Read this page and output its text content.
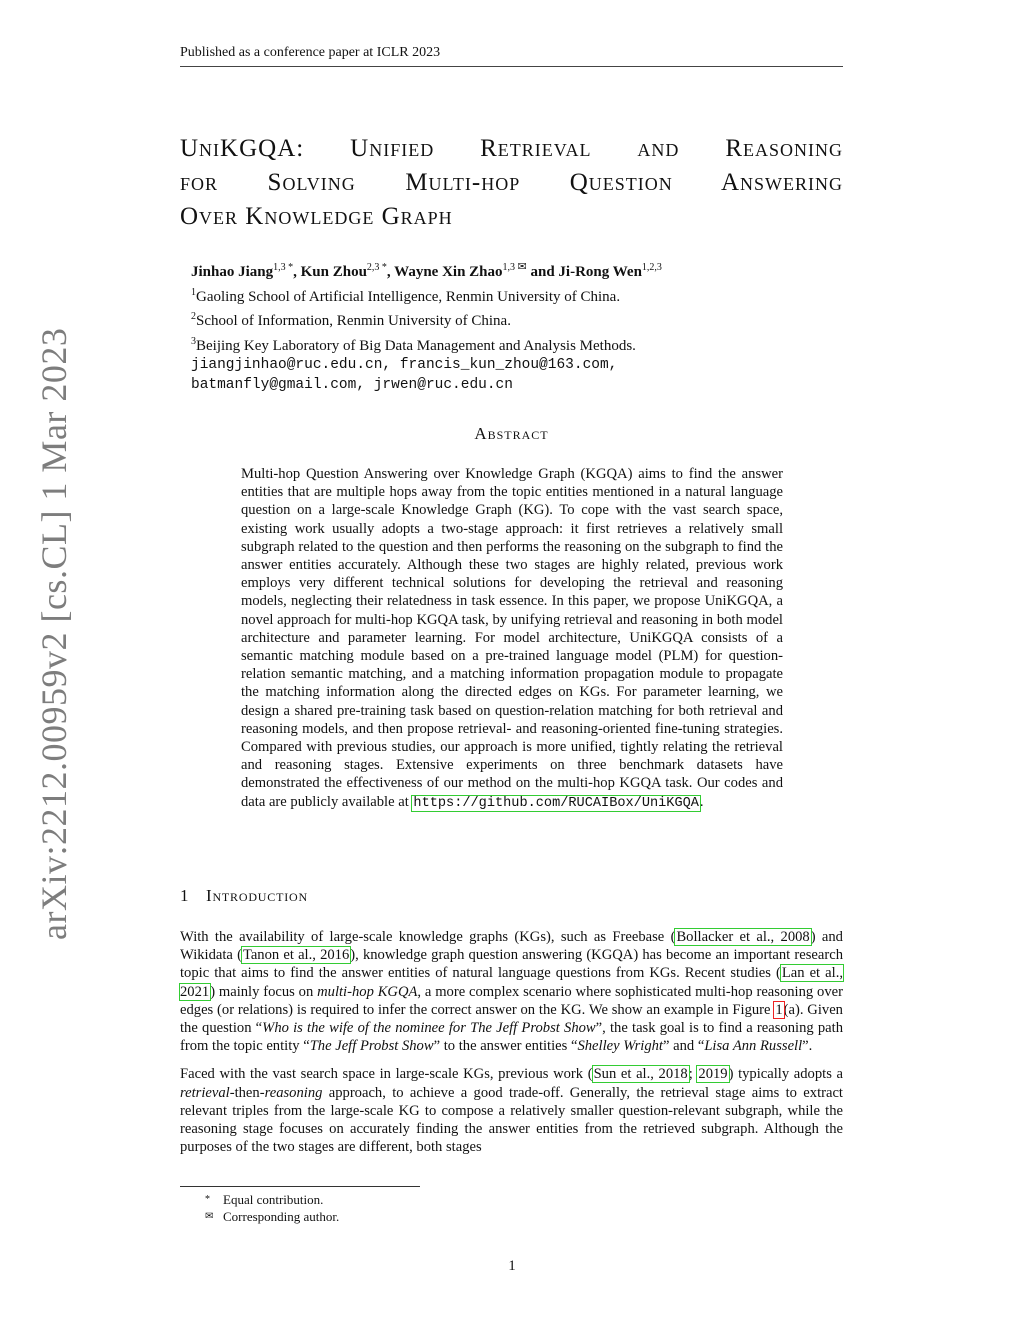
Published as a conference paper at ICLR 2023
arXiv:2212.00959v2 [cs.CL] 1 Mar 2023
UniKGQA: Unified Retrieval and Reasoning
for Solving Multi-hop Question Answering
Over Knowledge Graph
Jinhao Jiang$^{1,3 *}$, Kun Zhou$^{2,3 *}$, Wayne Xin Zhao$^{1,3 ✉}$ and Ji-Rong Wen$^{1,2,3}$
$^1$Gaoling School of Artificial Intelligence, Renmin University of China.
$^2$School of Information, Renmin University of China.
$^3$Beijing Key Laboratory of Big Data Management and Analysis Methods.
jiangjinhao@ruc.edu.cn, francis_kun_zhou@163.com,
batmanfly@gmail.com, jrwen@ruc.edu.cn
Abstract
Multi-hop Question Answering over Knowledge Graph (KGQA) aims to find the answer entities that are multiple hops away from the topic entities mentioned in a natural language question on a large-scale Knowledge Graph (KG). To cope with the vast search space, existing work usually adopts a two-stage approach: it first retrieves a relatively small subgraph related to the question and then performs the reasoning on the subgraph to find the answer entities accurately. Although these two stages are highly related, previous work employs very different technical solutions for developing the retrieval and reasoning models, neglecting their relatedness in task essence. In this paper, we propose UniKGQA, a novel approach for multi-hop KGQA task, by unifying retrieval and reasoning in both model architecture and parameter learning. For model architecture, UniKGQA consists of a semantic matching module based on a pre-trained language model (PLM) for question-relation semantic matching, and a matching information propagation module to propagate the matching information along the directed edges on KGs. For parameter learning, we design a shared pre-training task based on question-relation matching for both retrieval and reasoning models, and then propose retrieval- and reasoning-oriented fine-tuning strategies. Compared with previous studies, our approach is more unified, tightly relating the retrieval and reasoning stages. Extensive experiments on three benchmark datasets have demonstrated the effectiveness of our method on the multi-hop KGQA task. Our codes and data are publicly available at https://github.com/RUCAIBox/UniKGQA.
1 Introduction

With the availability of large-scale knowledge graphs (KGs), such as Freebase (Bollacker et al., 2008) and Wikidata (Tanon et al., 2016), knowledge graph question answering (KGQA) has become an important research topic that aims to find the answer entities of natural language questions from KGs. Recent studies (Lan et al., 2021) mainly focus on multi-hop KGQA, a more complex scenario where sophisticated multi-hop reasoning over edges (or relations) is required to infer the correct answer on the KG. We show an example in Figure 1(a). Given the question “Who is the wife of the nominee for The Jeff Probst Show”, the task goal is to find a reasoning path from the topic entity “The Jeff Probst Show” to the answer entities “Shelley Wright” and “Lisa Ann Russell”.

Faced with the vast search space in large-scale KGs, previous work (Sun et al., 2018; 2019) typically adopts a retrieval-then-reasoning approach, to achieve a good trade-off. Generally, the retrieval stage aims to extract relevant triples from the large-scale KG to compose a relatively smaller question-relevant subgraph, while the reasoning stage focuses on accurately finding the answer entities from the retrieved subgraph. Although the purposes of the two stages are different, both stages

* Equal contribution.
✉ Corresponding author.
1
